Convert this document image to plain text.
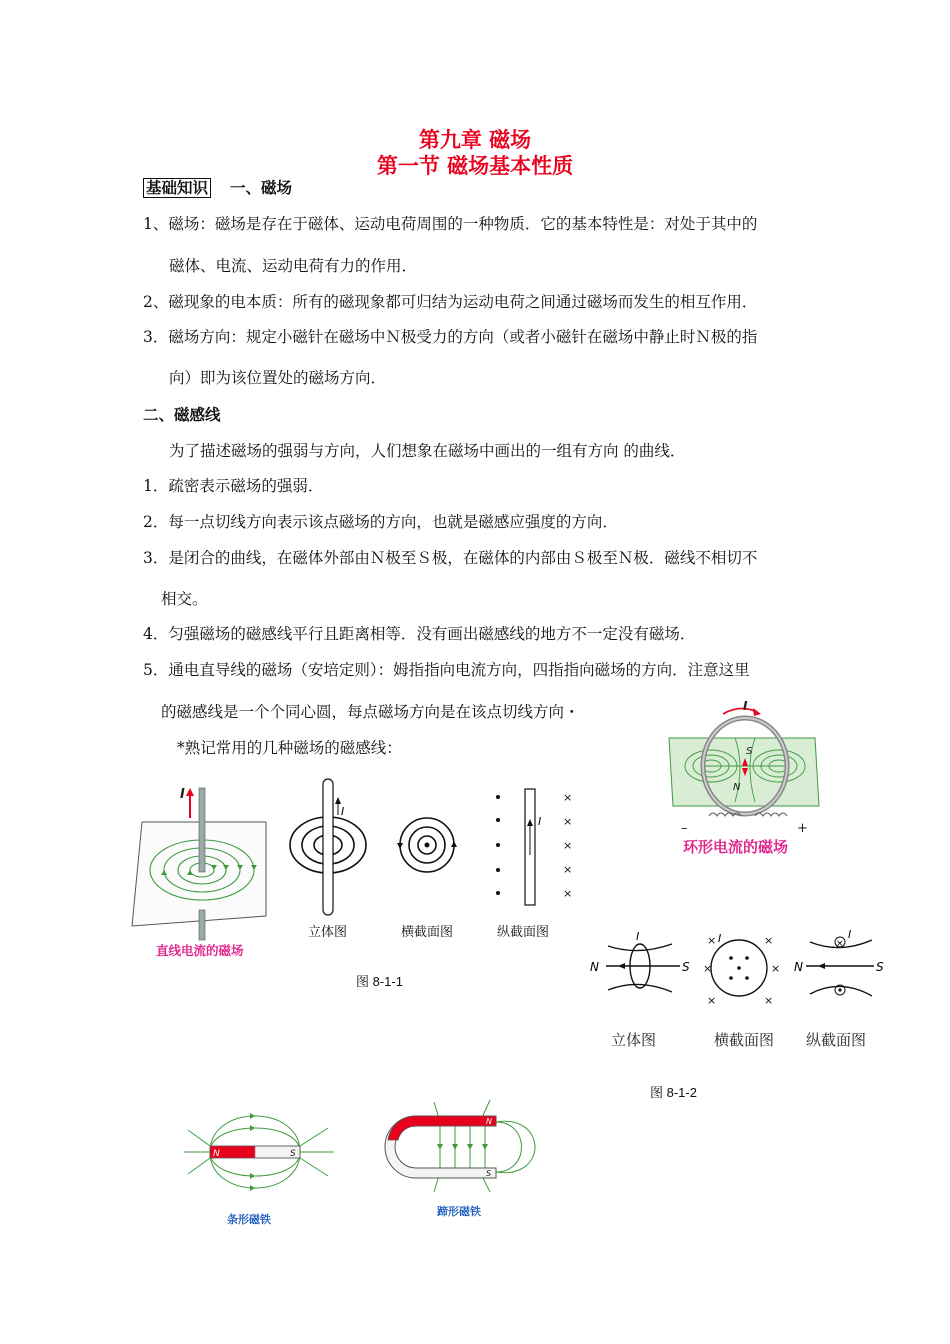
第九章 磁场
第一节 磁场基本性质
基础知识 一、磁场
1、磁场：磁场是存在于磁体、运动电荷周围的一种物质．它的基本特性是：对处于其中的
磁体、电流、运动电荷有力的作用．
2、磁现象的电本质：所有的磁现象都可归结为运动电荷之间通过磁场而发生的相互作用．
3．磁场方向：规定小磁针在磁场中Ｎ极受力的方向（或者小磁针在磁场中静止时Ｎ极的指
向）即为该位置处的磁场方向．
二、磁感线
为了描述磁场的强弱与方向，人们想象在磁场中画出的一组有方向 的曲线．
1．疏密表示磁场的强弱．
2．每一点切线方向表示该点磁场的方向，也就是磁感应强度的方向．
3．是闭合的曲线，在磁体外部由Ｎ极至Ｓ极，在磁体的内部由Ｓ极至Ｎ极．磁线不相切不
相交。
4．匀强磁场的磁感线平行且距离相等．没有画出磁感线的地方不一定没有磁场．
5．通电直导线的磁场（安培定则）：姆指指向电流方向，四指指向磁场的方向．注意这里
的磁感线是一个个同心圆，每点磁场方向是在该点切线方向・
*熟记常用的几种磁场的磁感线：
I
直线电流的磁场
I
I
×
×
×
×
×
立体图	横截面图	纵截面图
图 8-1-1
S
N
I
–	+
环形电流的磁场
N	S
I	×	×
×	×
×	×
I	×
N	S
I
立体图	横截面图 纵截面图
图 8-1-2
N	S
条形磁铁
N
S
蹄形磁铁
